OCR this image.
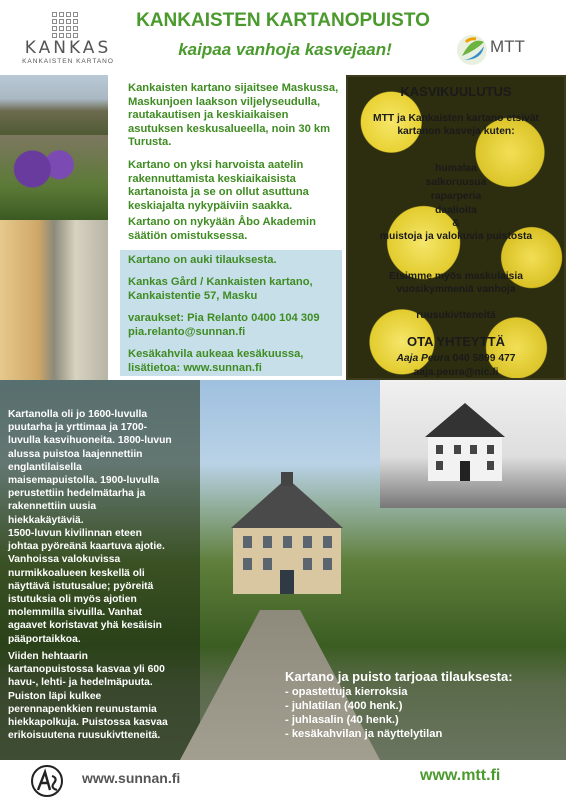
KANKAS
KANKAISTEN KARTANO
KANKAISTEN KARTANOPUISTO
kaipaa vanhoja kasvejaan!	MTT
Kankaisten kartano sijaitsee Maskussa, Maskunjoen laakson viljelyseudulla, rautakautisen ja keskiaikaisen asutuksen keskusalueella, noin 30 km Turusta.
Kartano on yksi harvoista aatelin rakennuttamista keskiaikaisista kartanoista ja se on ollut asuttuna keskiajalta nykypäiviin saakka.
Kartano on nykyään Åbo Akademin säätiön omistuksessa.
Kartano on auki tilauksesta.
Kankas Gård / Kankaisten kartano, Kankaistentie 57, Masku
varaukset: Pia Relanto 0400 104 309
pia.relanto@sunnan.fi
Kesäkahvila aukeaa kesäkuussa, lisätietoa: www.sunnan.fi
KASVIKUULUTUS
MTT ja Kankaisten kartano etsivät kartanon kasveja kuten:
humalaa
salkoruusua
raparperia
daalioita
&
muistoja ja valokuvia puistosta
Etsimme myös maskulaisia vuosikymmeniä vanhoja
ruusukivtteneitä
OTA YHTEYTTÄ
Aaja Peura 040 5899 477
aaja.peura@nic.fi
Kartanolla oli jo 1600-luvulla puutarha ja yrttimaa ja 1700-luvulla kasvihuoneita. 1800-luvun alussa puistoa laajennettiin englantilaisella maisemapuistolla. 1900-luvulla perustettiin hedelmätarha ja rakennettiin uusia hiekkakäytäviä.
1500-luvun kivilinnan eteen johtaa pyöreänä kaartuva ajotie. Vanhoissa valokuvissa nurmikkoalueen keskellä oli näyttävä istutusalue; pyöreitä istutuksia oli myös ajotien molemmilla sivuilla. Vanhat agaavet koristavat yhä kesäisin pääportaikkoa.
Viiden hehtaarin kartanopuistossa kasvaa yli 600 havu-, lehti- ja hedelmäpuuta. Puiston läpi kulkee perennapenkkien reunustamia hiekkapolkuja. Puistossa kasvaa erikoisuutena ruusukivtteneitä.
Kartano ja puisto tarjoaa tilauksesta:
- opastettuja kierroksia
- juhlatilan (400 henk.)
- juhlasalin (40 henk.)
- kesäkahvilan ja näyttelytilan
www.sunnan.fi	www.mtt.fi
